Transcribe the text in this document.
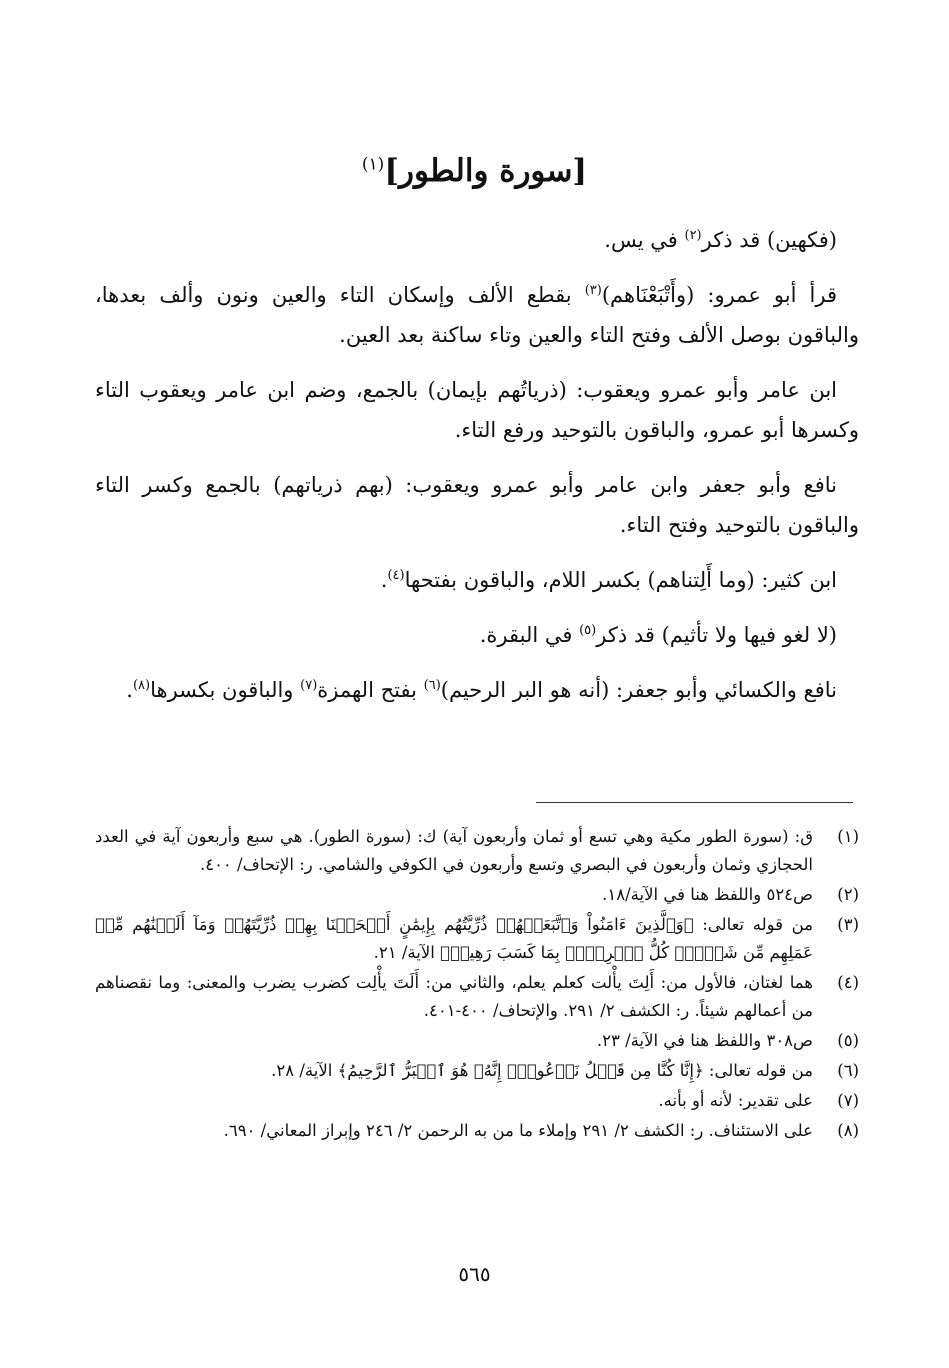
[سورة والطور]$^{(١)}$
(فكهين) قد ذكر$^{(٢)}$ في يس.
قرأ أبو عمرو: (وأَتْبَعْنَاهم)$^{(٣)}$ بقطع الألف وإسكان التاء والعين ونون وألف بعدها، والباقون بوصل الألف وفتح التاء والعين وتاء ساكنة بعد العين.
ابن عامر وأبو عمرو ويعقوب: (ذرياتُهم بإيمان) بالجمع، وضم ابن عامر ويعقوب التاء وكسرها أبو عمرو، والباقون بالتوحيد ورفع التاء.
نافع وأبو جعفر وابن عامر وأبو عمرو ويعقوب: (بهم ذرياتهم) بالجمع وكسر التاء والباقون بالتوحيد وفتح التاء.
ابن كثير: (وما أَلِتناهم) بكسر اللام، والباقون بفتحها$^{(٤)}$.
(لا لغو فيها ولا تأثيم) قد ذكر$^{(٥)}$ في البقرة.
نافع والكسائي وأبو جعفر: (أنه هو البر الرحيم)$^{(٦)}$ بفتح الهمزة$^{(٧)}$ والباقون بكسرها$^{(٨)}$.
(١)
ق: (سورة الطور مكية وهي تسع أو ثمان وأربعون آية) ك: (سورة الطور). هي سبع وأربعون آية في العدد الحجازي وثمان وأربعون في البصري وتسع وأربعون في الكوفي والشامي. ر: الإتحاف/ ٤٠٠.
(٢)
ص٥٢٤ واللفظ هنا في الآية/١٨.
(٣)
من قوله تعالى: ﴿وَٱلَّذِينَ ءَامَنُواْ وَٱتَّبَعَتۡهُمۡ ذُرِّيَّتُهُم بِإِيمَٰنٍ أَلۡحَقۡنَا بِهِمۡ ذُرِّيَّتَهُمۡ وَمَآ أَلَتۡنَٰهُم مِّنۡ عَمَلِهِم مِّن شَيۡءٖۚ كُلُّ ٱمۡرِيِٕۭ بِمَا كَسَبَ رَهِينٞ﴾ الآية/ ٢١.
(٤)
هما لغتان، فالأول من: أَلِتَ يأْلت كعلم يعلم، والثاني من: أَلَتَ يأْلِت كضرب يضرب والمعنى: وما نقصناهم من أعمالهم شيئاً. ر: الكشف ٢/ ٢٩١. والإتحاف/ ٤٠٠-٤٠١.
(٥)
ص٣٠٨ واللفظ هنا في الآية/ ٢٣.
(٦)
من قوله تعالى: ﴿إِنَّا كُنَّا مِن قَبۡلُ نَدۡعُوهُۖ إِنَّهُۥ هُوَ ٱلۡبَرُّ ٱلرَّحِيمُ﴾ الآية/ ٢٨.
(٧)
على تقدير: لأنه أو بأنه.
(٨)
على الاستئناف. ر: الكشف ٢/ ٢٩١ وإملاء ما من به الرحمن ٢/ ٢٤٦ وإبراز المعاني/ ٦٩٠.
٥٦٥
